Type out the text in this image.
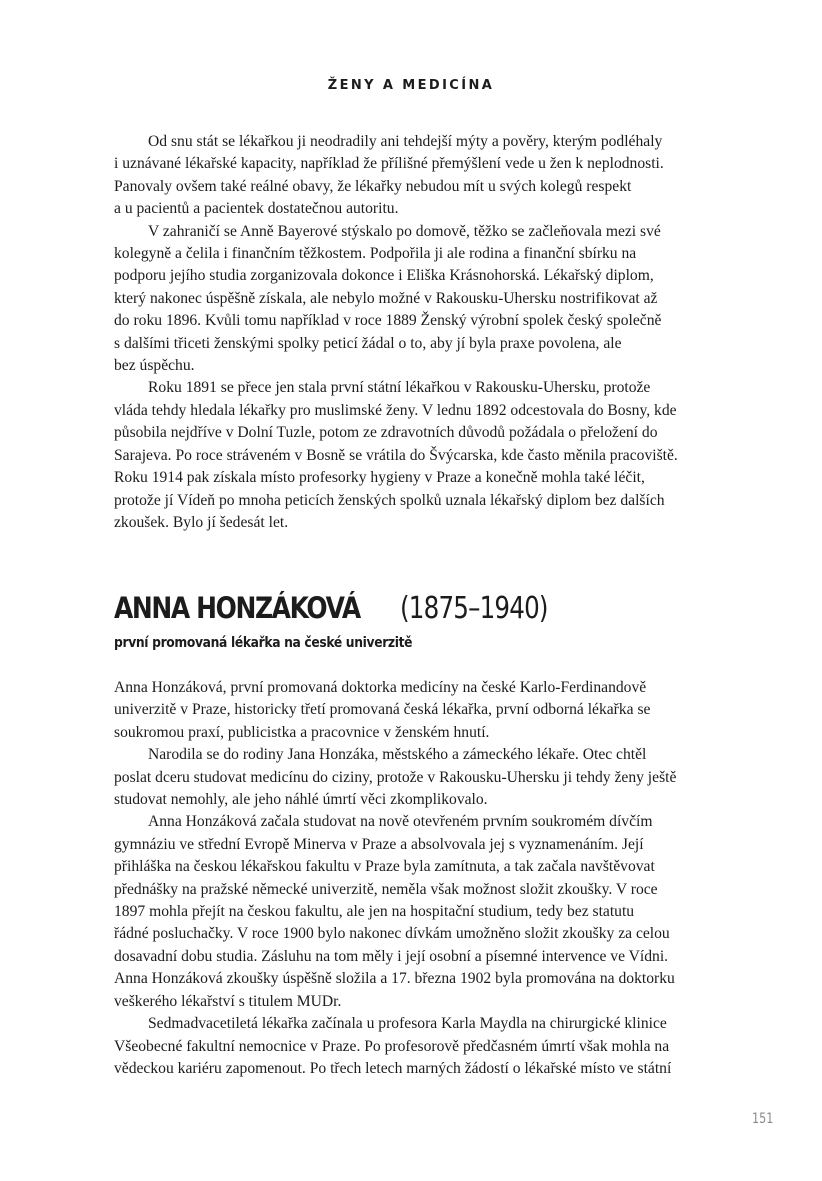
ŽENY A MEDICÍNA

Od snu stát se lékařkou ji neodradily ani tehdejší mýty a pověry, kterým podléhaly
i uznávané lékařské kapacity, například že přílišné přemýšlení vede u žen k neplodnosti.
Panovaly ovšem také reálné obavy, že lékařky nebudou mít u svých kolegů respekt
a u pacientů a pacientek dostatečnou autoritu.

V zahraničí se Anně Bayerové stýskalo po domově, těžko se začleňovala mezi své
kolegyně a čelila i finančním těžkostem. Podpořila ji ale rodina a finanční sbírku na
podporu jejího studia zorganizovala dokonce i Eliška Krásnohorská. Lékařský diplom,
který nakonec úspěšně získala, ale nebylo možné v Rakousku-Uhersku nostrifikovat až
do roku 1896. Kvůli tomu například v roce 1889 Ženský výrobní spolek český společně
s dalšími třiceti ženskými spolky peticí žádal o to, aby jí byla praxe povolena, ale
bez úspěchu.

Roku 1891 se přece jen stala první státní lékařkou v Rakousku-Uhersku, protože
vláda tehdy hledala lékařky pro muslimské ženy. V lednu 1892 odcestovala do Bosny, kde
působila nejdříve v Dolní Tuzle, potom ze zdravotních důvodů požádala o přeložení do
Sarajeva. Po roce stráveném v Bosně se vrátila do Švýcarska, kde často měnila pracoviště.
Roku 1914 pak získala místo profesorky hygieny v Praze a konečně mohla také léčit,
protože jí Vídeň po mnoha peticích ženských spolků uznala lékařský diplom bez dalších
zkoušek. Bylo jí šedesát let.

ANNA HONZÁKOVÁ (1875–1940)
první promovaná lékařka na české univerzitě

Anna Honzáková, první promovaná doktorka medicíny na české Karlo-Ferdinandově
univerzitě v Praze, historicky třetí promovaná česká lékařka, první odborná lékařka se
soukromou praxí, publicistka a pracovnice v ženském hnutí.

Narodila se do rodiny Jana Honzáka, městského a zámeckého lékaře. Otec chtěl
poslat dceru studovat medicínu do ciziny, protože v Rakousku-Uhersku ji tehdy ženy ještě
studovat nemohly, ale jeho náhlé úmrtí věci zkomplikovalo.

Anna Honzáková začala studovat na nově otevřeném prvním soukromém dívčím
gymnáziu ve střední Evropě Minerva v Praze a absolvovala jej s vyznamenáním. Její
přihláška na českou lékařskou fakultu v Praze byla zamítnuta, a tak začala navštěvovat
přednášky na pražské německé univerzitě, neměla však možnost složit zkoušky. V roce
1897 mohla přejít na českou fakultu, ale jen na hospitační studium, tedy bez statutu
řádné posluchačky. V roce 1900 bylo nakonec dívkám umožněno složit zkoušky za celou
dosavadní dobu studia. Zásluhu na tom měly i její osobní a písemné intervence ve Vídni.
Anna Honzáková zkoušky úspěšně složila a 17. března 1902 byla promována na doktorku
veškerého lékařství s titulem MUDr.

Sedmadvacetiletá lékařka začínala u profesora Karla Maydla na chirurgické klinice
Všeobecné fakultní nemocnice v Praze. Po profesorově předčasném úmrtí však mohla na
vědeckou kariéru zapomenout. Po třech letech marných žádostí o lékařské místo ve státní

151
